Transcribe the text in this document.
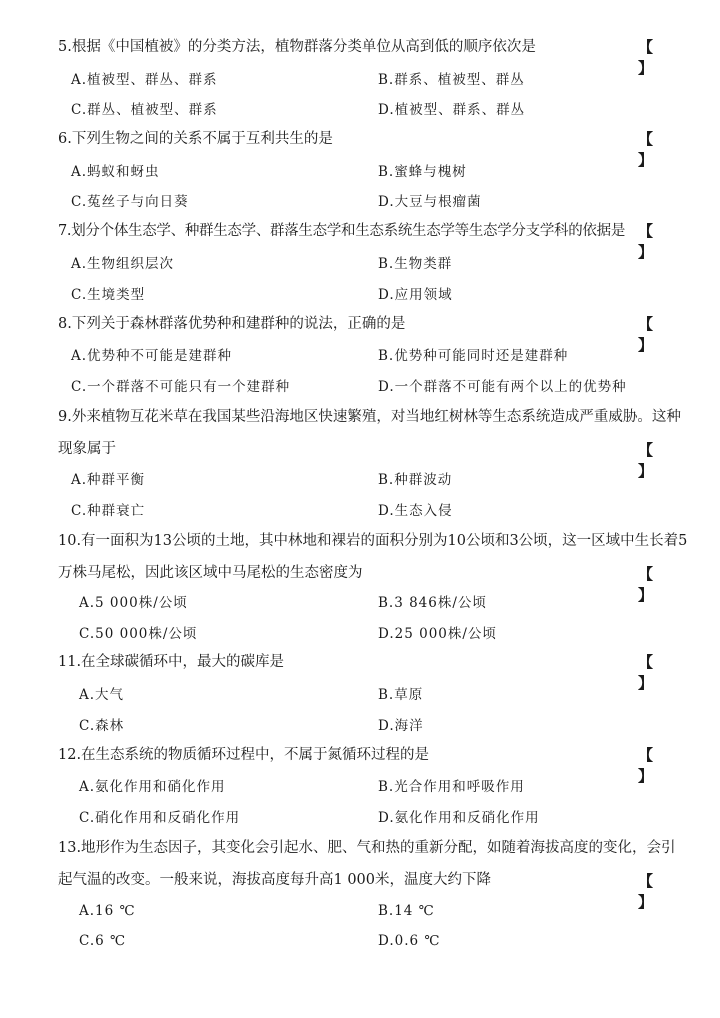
5.根据《中国植被》的分类方法，植物群落分类单位从高到低的顺序依次是	【 】
A.植被型、群丛、群系	B.群系、植被型、群丛
C.群丛、植被型、群系	D.植被型、群系、群丛
6.下列生物之间的关系不属于互利共生的是	【 】
A.蚂蚁和蚜虫	B.蜜蜂与槐树
C.菟丝子与向日葵	D.大豆与根瘤菌
7.划分个体生态学、种群生态学、群落生态学和生态系统生态学等生态学分支学科的依据是 【 】
A.生物组织层次	B.生物类群
C.生境类型	D.应用领域
8.下列关于森林群落优势种和建群种的说法，正确的是	【 】
A.优势种不可能是建群种	B.优势种可能同时还是建群种
C.一个群落不可能只有一个建群种	D.一个群落不可能有两个以上的优势种
9.外来植物互花米草在我国某些沿海地区快速繁殖，对当地红树林等生态系统造成严重威胁。这种现象属于	【 】
A.种群平衡	B.种群波动
C.种群衰亡	D.生态入侵
10.有一面积为13公顷的土地，其中林地和裸岩的面积分别为10公顷和3公顷，这一区域中生长着5万株马尾松，因此该区域中马尾松的生态密度为	【 】
A.5 000株/公顷	B.3 846株/公顷
C.50 000株/公顷	D.25 000株/公顷
11.在全球碳循环中，最大的碳库是	【 】
A.大气	B.草原
C.森林	D.海洋
12.在生态系统的物质循环过程中，不属于氮循环过程的是	【 】
A.氨化作用和硝化作用	B.光合作用和呼吸作用
C.硝化作用和反硝化作用	D.氨化作用和反硝化作用
13.地形作为生态因子，其变化会引起水、肥、气和热的重新分配，如随着海拔高度的变化，会引起气温的改变。一般来说，海拔高度每升高1 000米，温度大约下降	【 】
A.16 ℃	B.14 ℃
C.6 ℃	D.0.6 ℃
